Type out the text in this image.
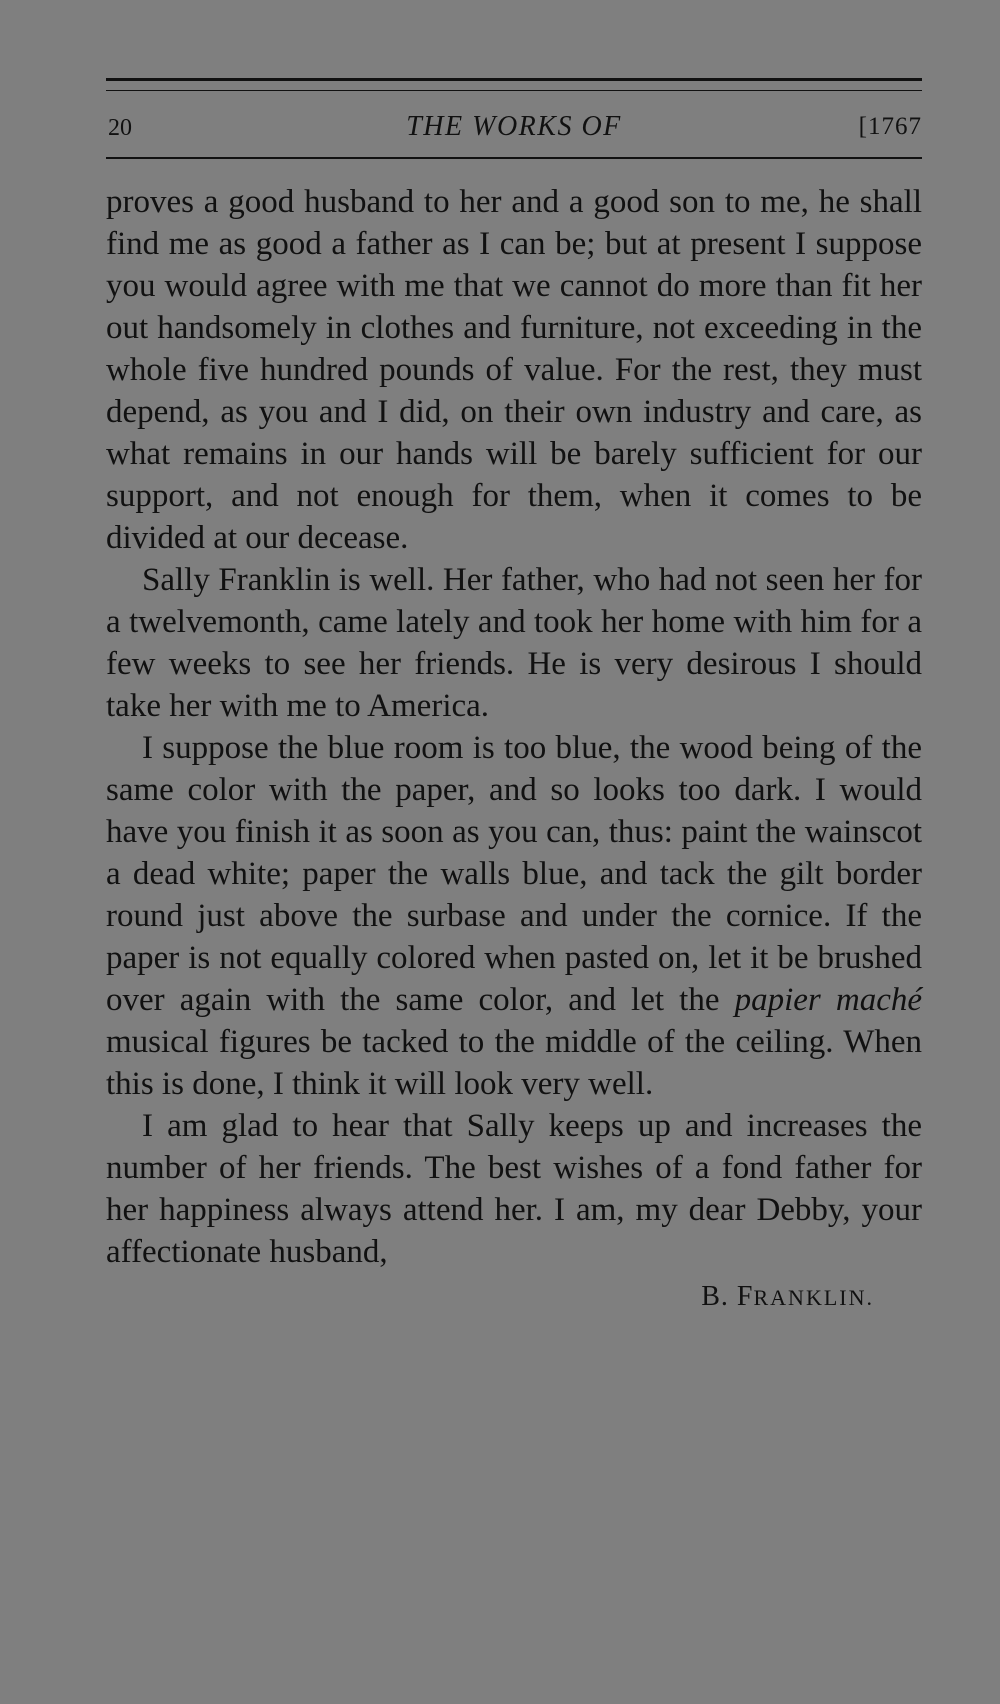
20	THE WORKS OF	[1767

proves a good husband to her and a good son to me, he shall find me as good a father as I can be; but at present I suppose you would agree with me that we cannot do more than fit her out handsomely in clothes and furniture, not exceeding in the whole five hundred pounds of value. For the rest, they must depend, as you and I did, on their own industry and care, as what remains in our hands will be barely sufficient for our support, and not enough for them, when it comes to be divided at our decease.

Sally Franklin is well. Her father, who had not seen her for a twelvemonth, came lately and took her home with him for a few weeks to see her friends. He is very desirous I should take her with me to America.

I suppose the blue room is too blue, the wood being of the same color with the paper, and so looks too dark. I would have you finish it as soon as you can, thus: paint the wainscot a dead white; paper the walls blue, and tack the gilt border round just above the surbase and under the cornice. If the paper is not equally colored when pasted on, let it be brushed over again with the same color, and let the papier maché musical figures be tacked to the middle of the ceiling. When this is done, I think it will look very well.

I am glad to hear that Sally keeps up and increases the number of her friends. The best wishes of a fond father for her happiness always attend her. I am, my dear Debby, your affectionate husband,

B. FRANKLIN.
